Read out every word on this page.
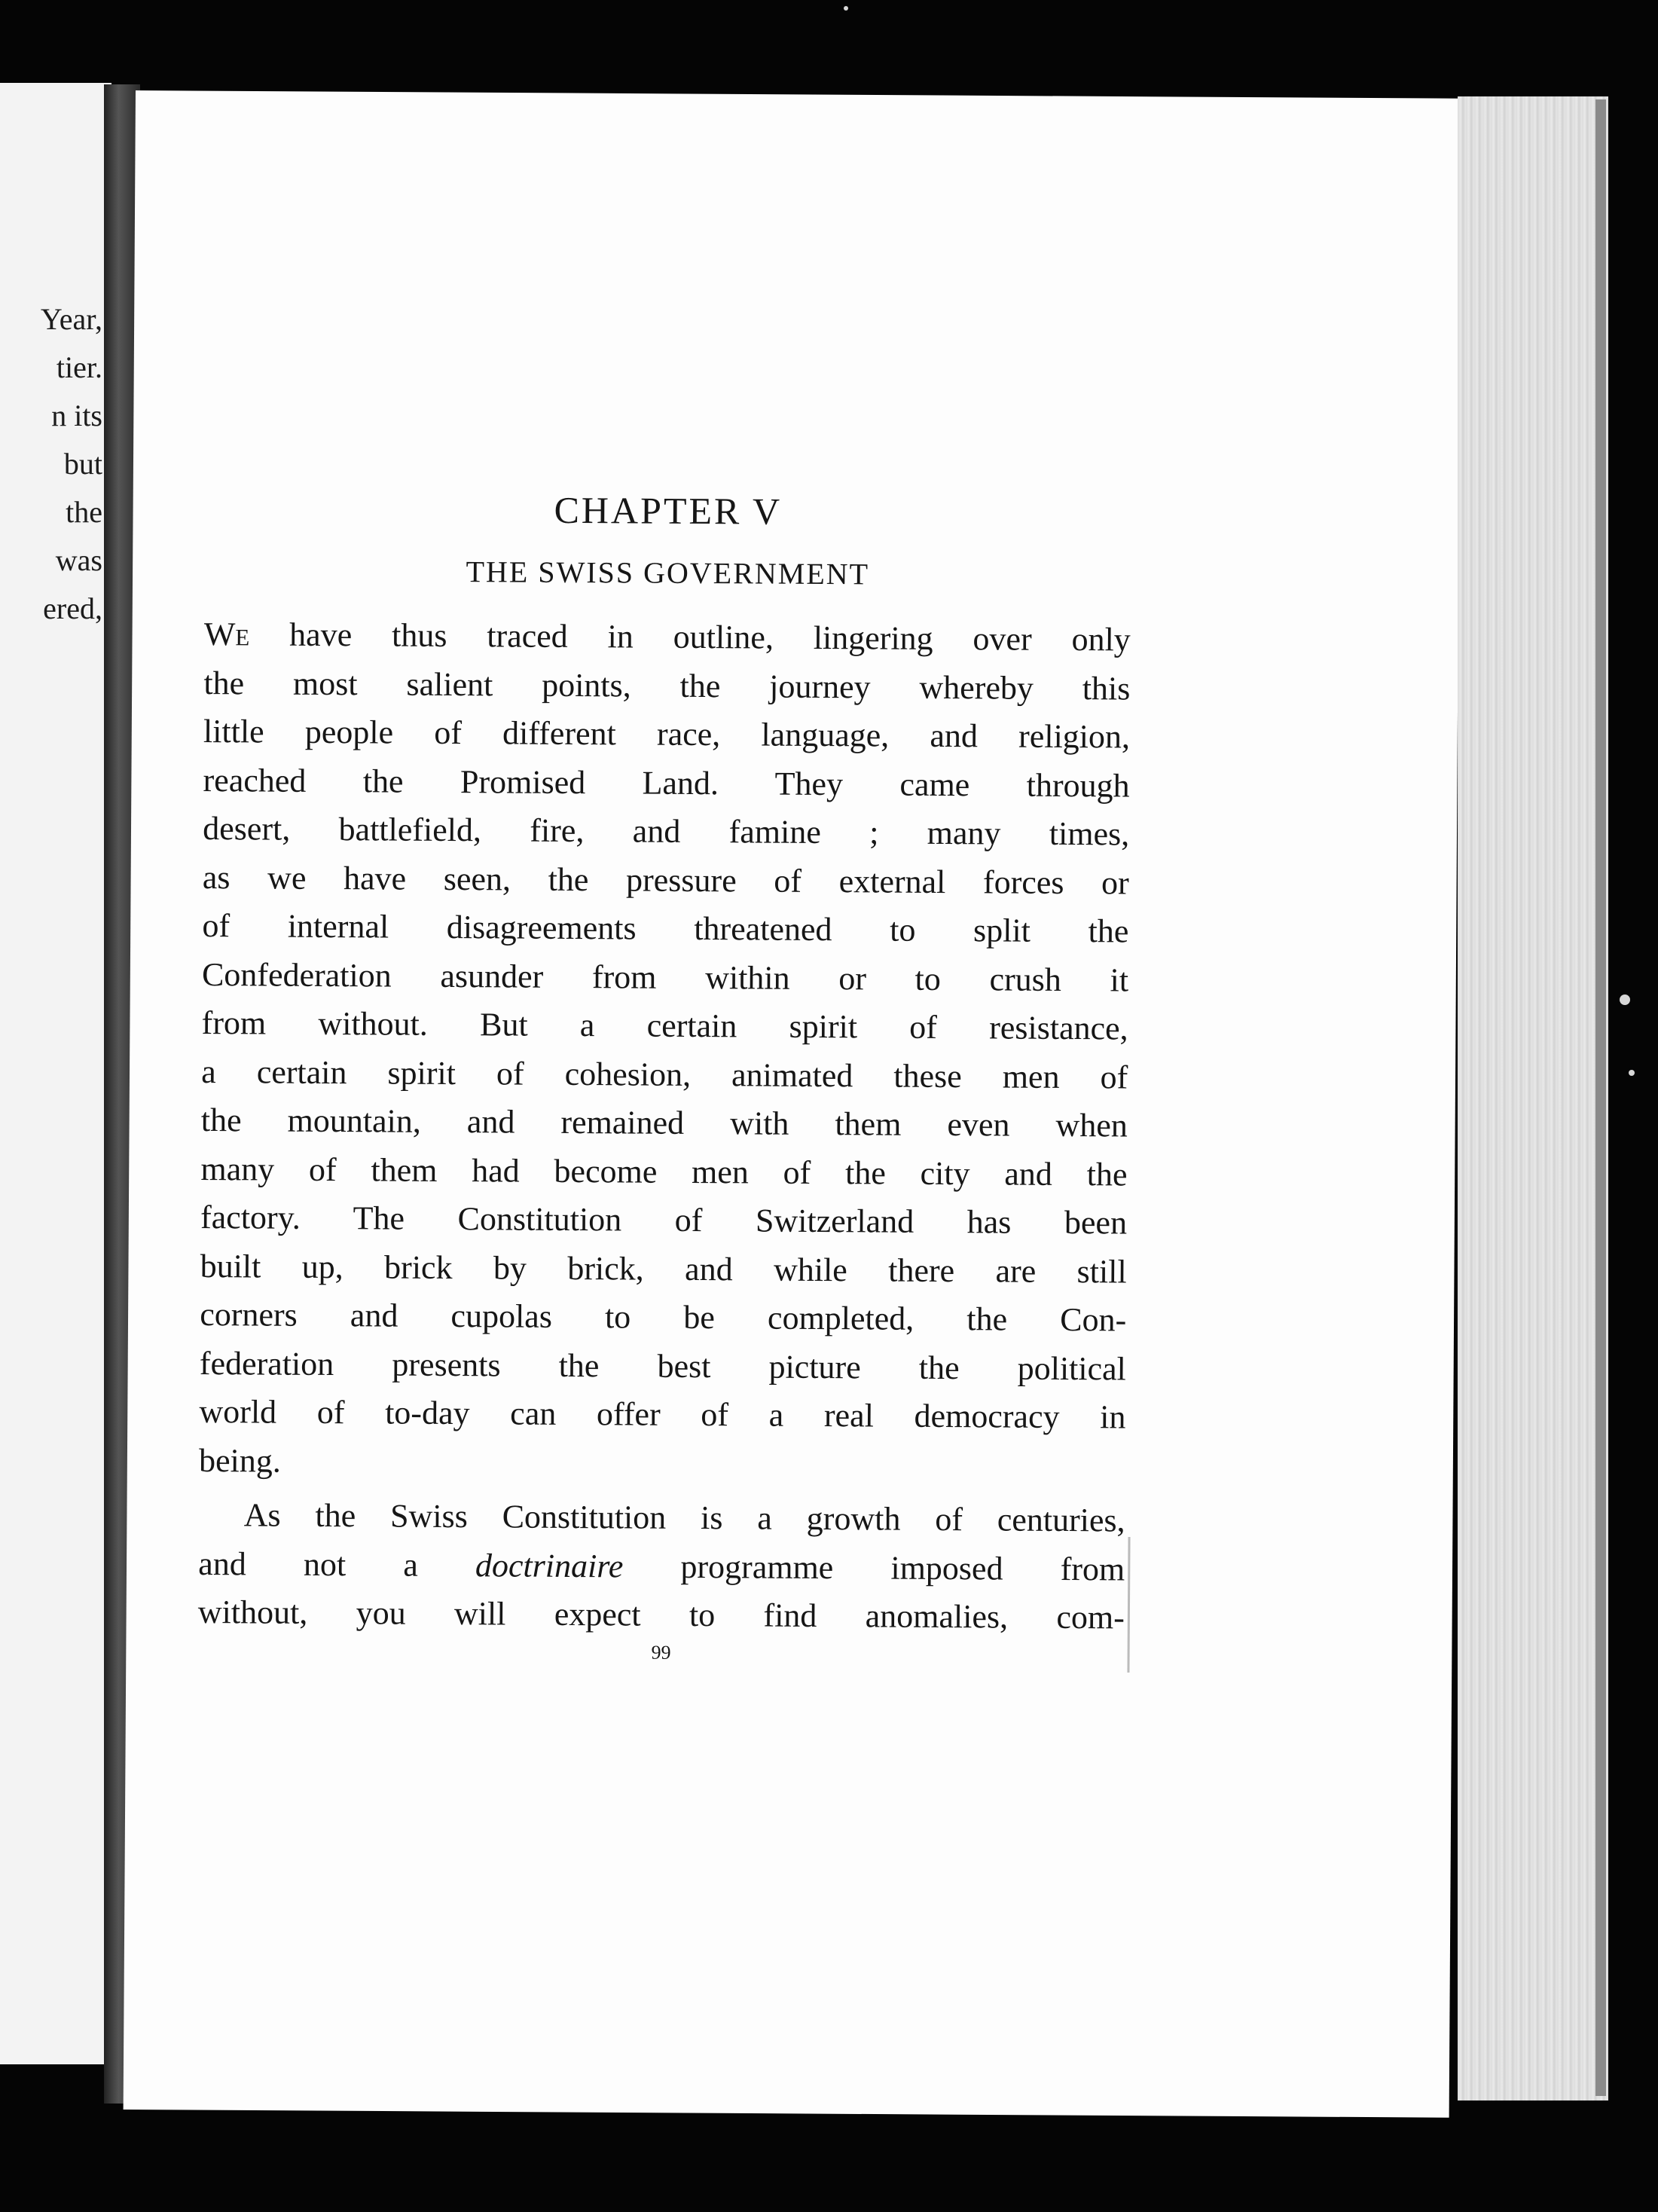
Year,
tier.
n its
but
the
was
ered,
CHAPTER V
THE SWISS GOVERNMENT
We have thus traced in outline, lingering over only
the most salient points, the journey whereby this
little people of different race, language, and religion,
reached the Promised Land. They came through
desert, battlefield, fire, and famine ; many times,
as we have seen, the pressure of external forces or
of internal disagreements threatened to split the
Confederation asunder from within or to crush it
from without. But a certain spirit of resistance,
a certain spirit of cohesion, animated these men of
the mountain, and remained with them even when
many of them had become men of the city and the
factory. The Constitution of Switzerland has been
built up, brick by brick, and while there are still
corners and cupolas to be completed, the Con-
federation presents the best picture the political
world of to-day can offer of a real democracy in
being.
As the Swiss Constitution is a growth of centuries,
and not a doctrinaire programme imposed from
without, you will expect to find anomalies, com-
99
